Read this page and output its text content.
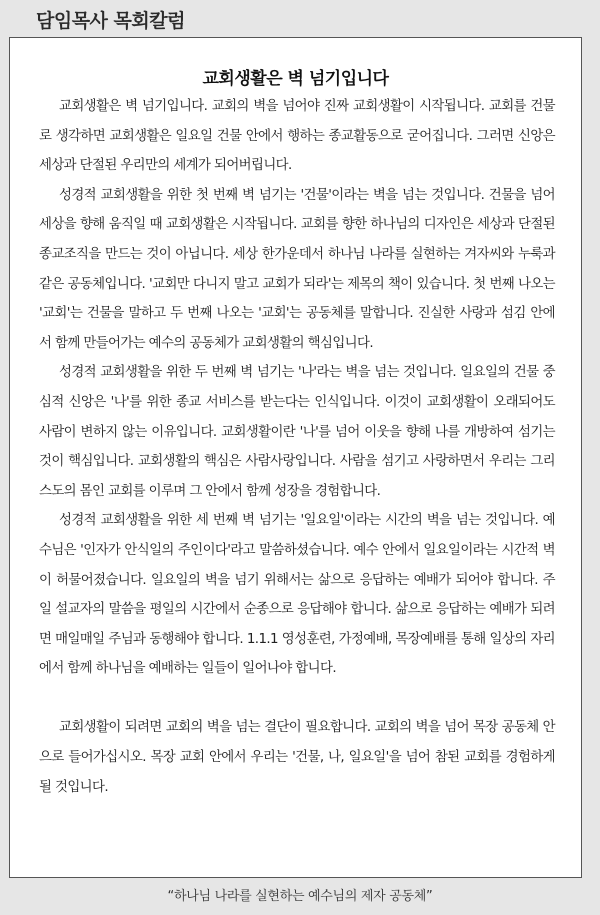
담임목사 목회칼럼
교회생활은 벽 넘기입니다

교회생활은 벽 넘기입니다. 교회의 벽을 넘어야 진짜 교회생활이 시작됩니다. 교회를 건물로 생각하면 교회생활은 일요일 건물 안에서 행하는 종교활동으로 굳어집니다. 그러면 신앙은 세상과 단절된 우리만의 세계가 되어버립니다.

성경적 교회생활을 위한 첫 번째 벽 넘기는 '건물'이라는 벽을 넘는 것입니다. 건물을 넘어 세상을 향해 움직일 때 교회생활은 시작됩니다. 교회를 향한 하나님의 디자인은 세상과 단절된 종교조직을 만드는 것이 아닙니다. 세상 한가운데서 하나님 나라를 실현하는 겨자씨와 누룩과 같은 공동체입니다. '교회만 다니지 말고 교회가 되라'는 제목의 책이 있습니다. 첫 번째 나오는 '교회'는 건물을 말하고 두 번째 나오는 '교회'는 공동체를 말합니다. 진실한 사랑과 섬김 안에서 함께 만들어가는 예수의 공동체가 교회생활의 핵심입니다.

성경적 교회생활을 위한 두 번째 벽 넘기는 '나'라는 벽을 넘는 것입니다. 일요일의 건물 중심적 신앙은 '나'를 위한 종교 서비스를 받는다는 인식입니다. 이것이 교회생활이 오래되어도 사람이 변하지 않는 이유입니다. 교회생활이란 '나'를 넘어 이웃을 향해 나를 개방하여 섬기는 것이 핵심입니다. 교회생활의 핵심은 사람사랑입니다. 사람을 섬기고 사랑하면서 우리는 그리스도의 몸인 교회를 이루며 그 안에서 함께 성장을 경험합니다.

성경적 교회생활을 위한 세 번째 벽 넘기는 '일요일'이라는 시간의 벽을 넘는 것입니다. 예수님은 '인자가 안식일의 주인이다'라고 말씀하셨습니다. 예수 안에서 일요일이라는 시간적 벽이 허물어졌습니다. 일요일의 벽을 넘기 위해서는 삶으로 응답하는 예배가 되어야 합니다. 주일 설교자의 말씀을 평일의 시간에서 순종으로 응답해야 합니다. 삶으로 응답하는 예배가 되려면 매일매일 주님과 동행해야 합니다. 1.1.1 영성훈련, 가정예배, 목장예배를 통해 일상의 자리에서 함께 하나님을 예배하는 일들이 일어나야 합니다.

교회생활이 되려면 교회의 벽을 넘는 결단이 필요합니다. 교회의 벽을 넘어 목장 공동체 안으로 들어가십시오. 목장 교회 안에서 우리는 '건물, 나, 일요일'을 넘어 참된 교회를 경험하게 될 것입니다.

“하나님 나라를 실현하는 예수님의 제자 공동체”
